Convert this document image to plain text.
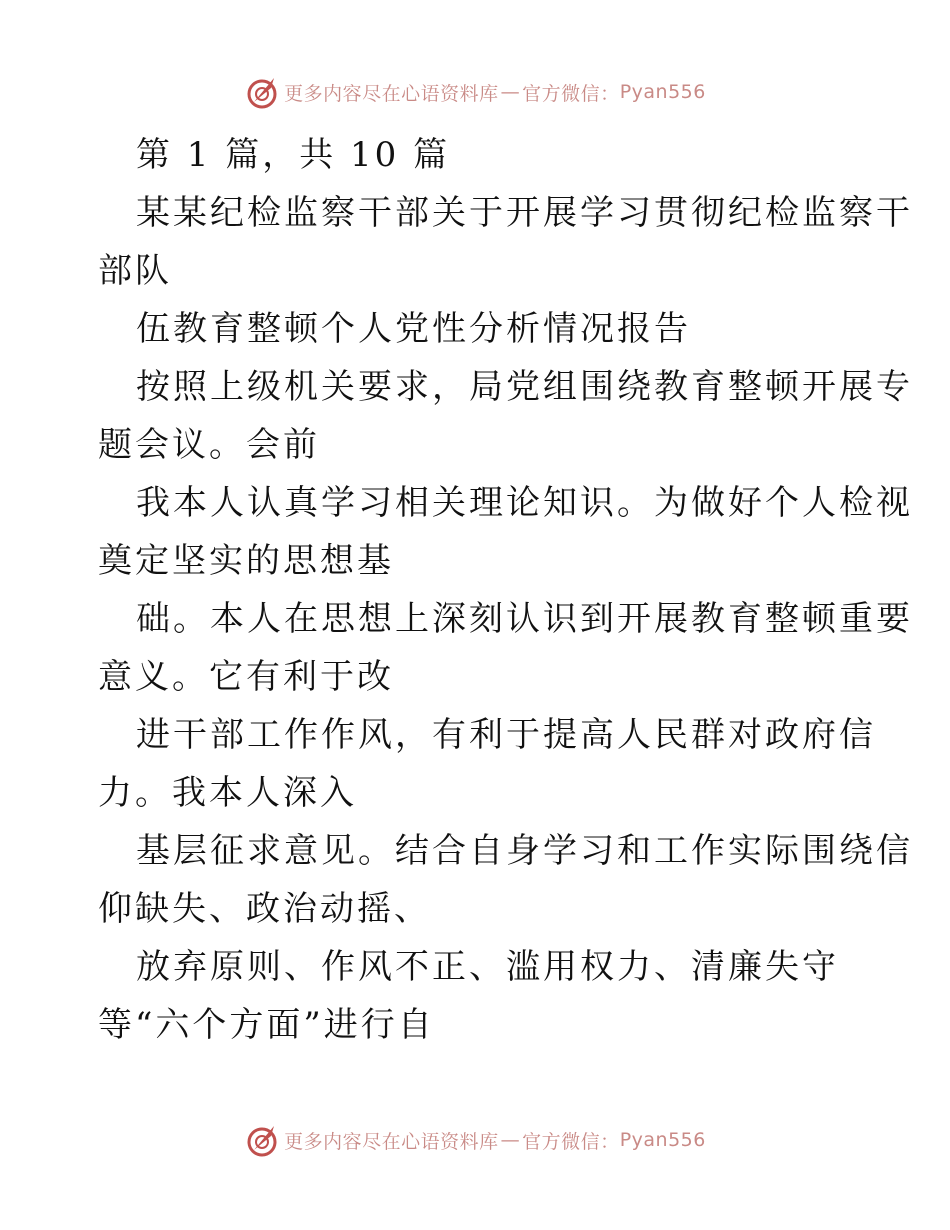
更多内容尽在心语资料库 — 官方微信： Pyan556
第 1 篇，共 10 篇
某某纪检监察干部关于开展学习贯彻纪检监察干
部队
伍教育整顿个人党性分析情况报告
按照上级机关要求，局党组围绕教育整顿开展专
题会议。会前
我本人认真学习相关理论知识。为做好个人检视
奠定坚实的思想基
础。本人在思想上深刻认识到开展教育整顿重要
意义。它有利于改
进干部工作作风，有利于提高人民群对政府信
力。我本人深入
基层征求意见。结合自身学习和工作实际围绕信
仰缺失、政治动摇、
放弃原则、作风不正、滥用权力、清廉失守
等“六个方面”进行自
更多内容尽在心语资料库 — 官方微信： Pyan556
